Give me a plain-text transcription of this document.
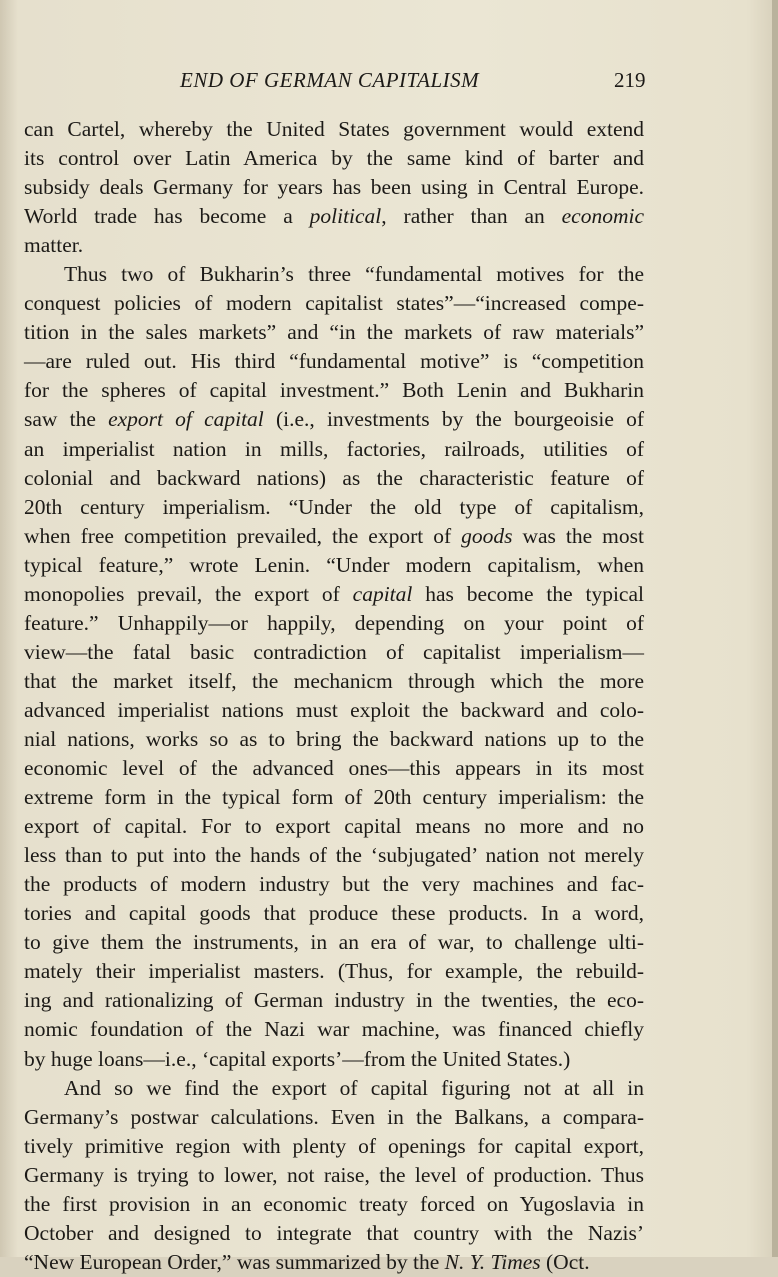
END OF GERMAN CAPITALISM	219
can Cartel, whereby the United States government would extend
its control over Latin America by the same kind of barter and
subsidy deals Germany for years has been using in Central Europe.
World trade has become a political, rather than an economic
matter.
Thus two of Bukharin’s three “fundamental motives for the
conquest policies of modern capitalist states”—“increased compe-
tition in the sales markets” and “in the markets of raw materials”
—are ruled out. His third “fundamental motive” is “competition
for the spheres of capital investment.” Both Lenin and Bukharin
saw the export of capital (i.e., investments by the bourgeoisie of
an imperialist nation in mills, factories, railroads, utilities of
colonial and backward nations) as the characteristic feature of
20th century imperialism. “Under the old type of capitalism,
when free competition prevailed, the export of goods was the most
typical feature,” wrote Lenin. “Under modern capitalism, when
monopolies prevail, the export of capital has become the typical
feature.” Unhappily—or happily, depending on your point of
view—the fatal basic contradiction of capitalist imperialism—
that the market itself, the mechanicm through which the more
advanced imperialist nations must exploit the backward and colo-
nial nations, works so as to bring the backward nations up to the
economic level of the advanced ones—this appears in its most
extreme form in the typical form of 20th century imperialism: the
export of capital. For to export capital means no more and no
less than to put into the hands of the ‘subjugated’ nation not merely
the products of modern industry but the very machines and fac-
tories and capital goods that produce these products. In a word,
to give them the instruments, in an era of war, to challenge ulti-
mately their imperialist masters. (Thus, for example, the rebuild-
ing and rationalizing of German industry in the twenties, the eco-
nomic foundation of the Nazi war machine, was financed chiefly
by huge loans—i.e., ‘capital exports’—from the United States.)
And so we find the export of capital figuring not at all in
Germany’s postwar calculations. Even in the Balkans, a compara-
tively primitive region with plenty of openings for capital export,
Germany is trying to lower, not raise, the level of production. Thus
the first provision in an economic treaty forced on Yugoslavia in
October and designed to integrate that country with the Nazis’
“New European Order,” was summarized by the N. Y. Times (Oct.
